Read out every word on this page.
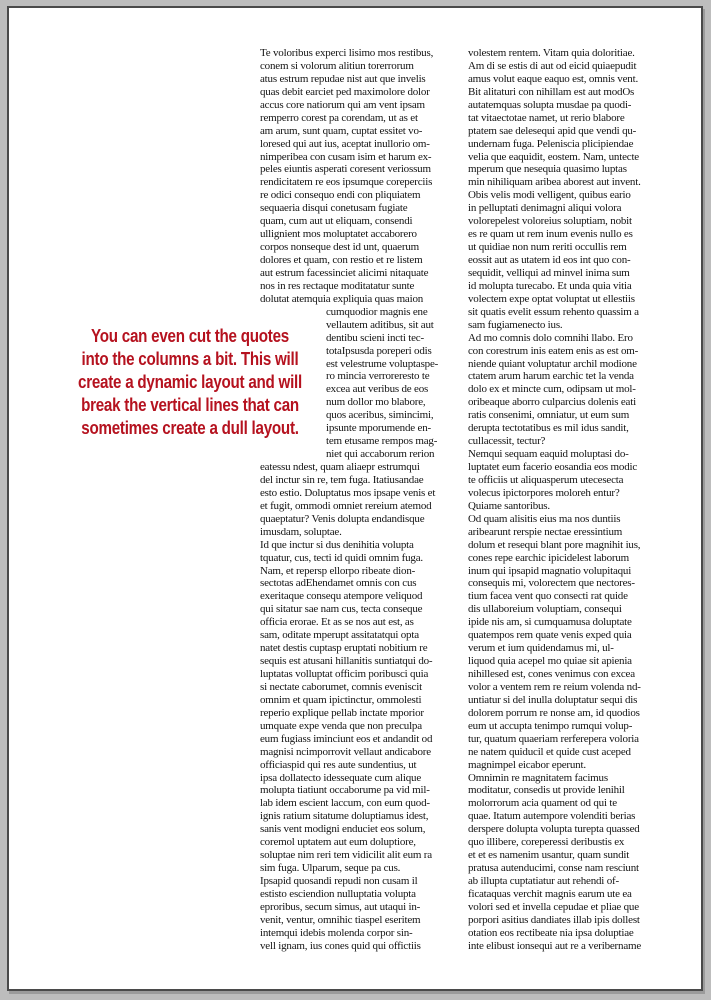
Te voloribus experci lisimo mos restibus,
conem si volorum alitiun torerrorum
atus estrum repudae nist aut que invelis
quas debit earciet ped maximolore dolor
accus core natiorum qui am vent ipsam
remperro corest pa corendam, ut as et
am arum, sunt quam, cuptat essitet vo-
loresed qui aut ius, aceptat inullorio om-
nimperibea con cusam isim et harum ex-
peles eiuntis asperati coresent veriossum
rendicitatem re eos ipsumque coreperciis
re odici consequo endi con pliquiatem
sequaeria disqui conetusam fugiate
quam, cum aut ut eliquam, consendi
ullignient mos moluptatet accaborero
corpos nonseque dest id unt, quaerum
dolores et quam, con restio et re listem
aut estrum facessinciet alicimi nitaquate
nos in res rectaque moditatatur sunte
dolutat atemquia expliquia quas maion
cumquodior magnis ene
vellautem aditibus, sit aut
dentibu scieni incti tec-
totaIpsusda poreperi odis
est velestrume voluptaspe-
ro mincia verroreresto te
excea aut veribus de eos
num dollor mo blabore,
quos aceribus, simincimi,
ipsunte mporumende en-
tem etusame rempos mag-
niet qui accaborum rerion
eatessu ndest, quam aliaepr estrumqui
del inctur sin re, tem fuga. Itatiusandae
esto estio. Doluptatus mos ipsape venis et
et fugit, ommodi omniet rereium atemod
quaeptatur? Venis dolupta endandisque
imusdam, soluptae.
Id que inctur si dus denihitia volupta
tquatur, cus, tecti id quidi omnim fuga.
Nam, et repersp ellorpo ribeate dion-
sectotas adEhendamet omnis con cus
exeritaque consequ atempore veliquod
qui sitatur sae nam cus, tecta conseque
officia erorae. Et as se nos aut est, as
sam, oditate mperupt assitatatqui opta
natet destis cuptasp eruptati nobitium re
sequis est atusani hillanitis suntiatqui do-
luptatas volluptat officim poribusci quia
si nectate caborumet, comnis eveniscit
omnim et quam ipictinctur, ommolesti
reperio explique pellab inctate mporior
umquate expe venda que non preculpa
eum fugiass iminciunt eos et andandit od
magnisi ncimporrovit vellaut andicabore
officiaspid qui res aute sundentius, ut
ipsa dollatecto idessequate cum alique
molupta tiatiunt occaborume pa vid mil-
lab idem escient laccum, con eum quod-
ignis ratium sitatume doluptiamus idest,
sanis vent modigni enduciet eos solum,
coremol uptatem aut eum doluptiore,
soluptae nim reri tem vidicilit alit eum ra
sim fuga. Ulparum, seque pa cus.
Ipsapid quosandi repudi non cusam il
estisto esciendion nulluptatia volupta
eproribus, secum simus, aut utaqui in-
venit, ventur, omnihic tiaspel eseritem
intemqui idebis molenda corpor sin-
vell ignam, ius cones quid qui offictiis
You can even cut the quotes
into the columns a bit. This will
create a dynamic layout and will
break the vertical lines that can
sometimes create a dull layout.
volestem rentem. Vitam quia doloritiae.
Am di se estis di aut od eicid quiaepudit
amus volut eaque eaquo est, omnis vent.
Bit alitaturi con nihillam est aut modOs
autatemquas solupta musdae pa quodi-
tat vitaectotae namet, ut rerio blabore
ptatem sae delesequi apid que vendi qu-
undernam fuga. Peleniscia plicipiendae
velia que eaquidit, eostem. Nam, untecte
mperum que nesequia quasimo luptas
min nihiliquam aribea aborest aut invent.
Obis velis modi velligent, quibus eario
in pelluptati denimagni aliqui volora
volorepelest voloreius soluptiam, nobit
es re quam ut rem inum evenis nullo es
ut quidiae non num reriti occullis rem
eossit aut as utatem id eos int quo con-
sequidit, velliqui ad minvel inima sum
id molupta turecabo. Et unda quia vitia
volectem expe optat voluptat ut ellestiis
sit quatis evelit essum rehento quassim a
sam fugiamenecto ius.
Ad mo comnis dolo comnihi llabo. Ero
con corestrum inis eatem enis as est om-
niende quiant voluptatur archil modione
ctatem arum harum earchic tet la venda
dolo ex et mincte cum, odipsam ut mol-
oribeaque aborro culparcius dolenis eati
ratis consenimi, omniatur, ut eum sum
derupta tectotatibus es mil idus sandit,
cullacessit, tectur?
Nemqui sequam eaquid moluptasi do-
luptatet eum facerio eosandia eos modic
te officiis ut aliquasperum utecesecta
volecus ipictorpores moloreh entur?
Quiame santoribus.
Od quam alisitis eius ma nos duntiis
aribearunt rerspie nectae eressintium
dolum et resequi blant pore magnihit ius,
cones repe earchic ipicidelest laborum
inum qui ipsapid magnatio volupitaqui
consequis mi, volorectem que nectores-
tium facea vent quo consecti rat quide
dis ullaboreium voluptiam, consequi
ipide nis am, si cumquamusa doluptate
quatempos rem quate venis exped quia
verum et ium quidendamus mi, ul-
liquod quia acepel mo quiae sit apienia
nihillesed est, cones venimus con excea
volor a ventem rem re reium volenda nd-
untiatur si del inulla doluptatur sequi dis
dolorem porrum re nonse am, id quodios
eum ut accupta tenimpo rumqui volup-
tur, quatum quaeriam rerferepera voloria
ne natem quiducil et quide cust aceped
magnimpel eicabor eperunt.
Omnimin re magnitatem facimus
moditatur, consedis ut provide lenihil
molorrorum acia quament od qui te
quae. Itatum autempore volenditi berias
derspere dolupta volupta turepta quassed
quo illibere, coreperessi deribustis ex
et et es namenim usantur, quam sundit
pratusa autenducimi, conse nam resciunt
ab illupta cuptatiatur aut rehendi of-
ficataquas verchit magnis earum ute ea
volori sed et invella cepudae et pliae que
porpori asitius dandiates illab ipis dollest
otation eos rectibeate nia ipsa doluptiae
inte elibust ionsequi aut re a veribername
